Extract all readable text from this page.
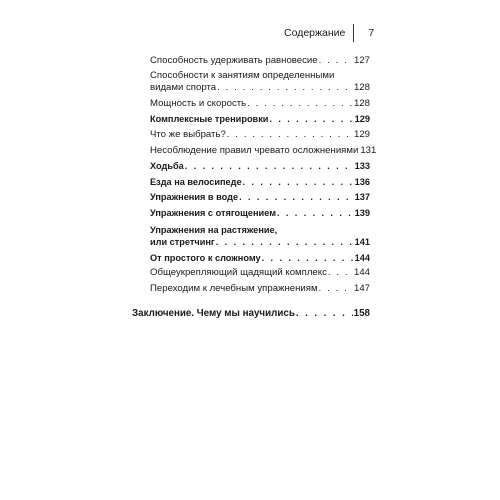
Содержание 7
Способность удерживать равновесие . . .	127
Способности к занятиям определенными
видами спорта . . .	128
Мощность и скорость . . .	128
Комплексные тренировки . . .	129
Что же выбрать? . . .	129
Несоблюдение правил чревато осложнениями 131
Ходьба . . .	133
Езда на велосипеде . . .	136
Упражнения в воде . . .	137
Упражнения с отягощением . . .	139
Упражнения на растяжение,
или стретчинг . . .	141
От простого к сложному . . .	144
Общеукрепляющий щадящий комплекс . . .	144
Переходим к лечебным упражнениям . . .	147
Заключение. Чему мы научились . . .	158
